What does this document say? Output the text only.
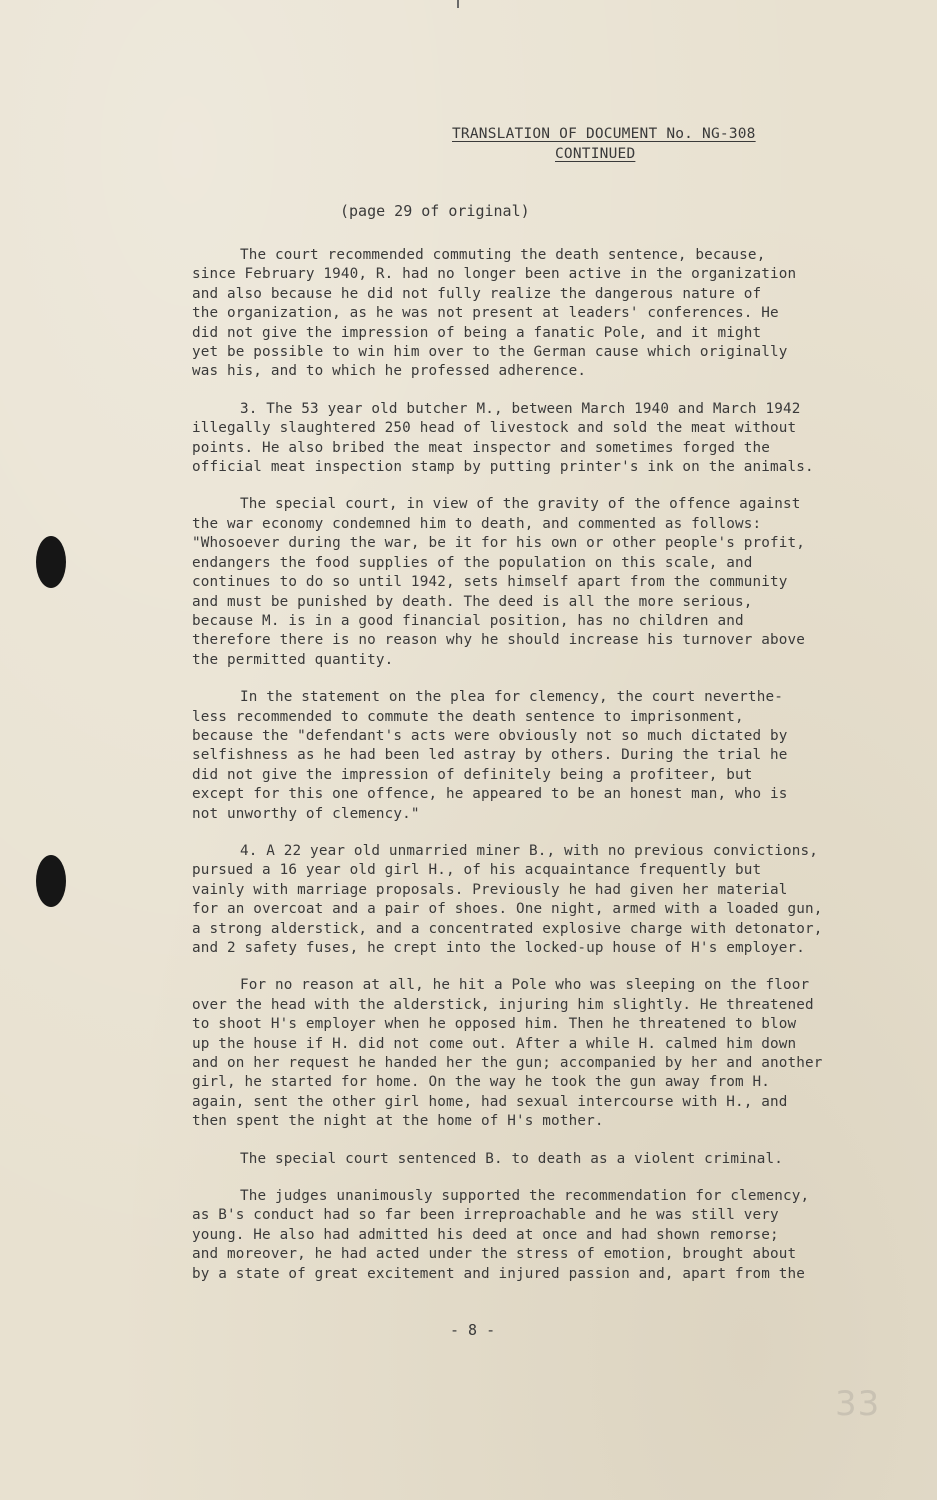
TRANSLATION OF DOCUMENT No. NG-308
CONTINUED
(page 29 of original)
The court recommended commuting the death sentence, because,
since February 1940, R. had no longer been active in the organization
and also because he did not fully realize the dangerous nature of
the organization, as he was not present at leaders' conferences. He
did not give the impression of being a fanatic Pole, and it might
yet be possible to win him over to the German cause which originally
was his, and to which he professed adherence.
3. The 53 year old butcher M., between March 1940 and March 1942
illegally slaughtered 250 head of livestock and sold the meat without
points. He also bribed the meat inspector and sometimes forged the
official meat inspection stamp by putting printer's ink on the animals.
The special court, in view of the gravity of the offence against
the war economy condemned him to death, and commented as follows:
"Whosoever during the war, be it for his own or other people's profit,
endangers the food supplies of the population on this scale, and
continues to do so until 1942, sets himself apart from the community
and must be punished by death. The deed is all the more serious,
because M. is in a good financial position, has no children and
therefore there is no reason why he should increase his turnover above
the permitted quantity.
In the statement on the plea for clemency, the court neverthe-
less recommended to commute the death sentence to imprisonment,
because the "defendant's acts were obviously not so much dictated by
selfishness as he had been led astray by others. During the trial he
did not give the impression of definitely being a profiteer, but
except for this one offence, he appeared to be an honest man, who is
not unworthy of clemency."
4. A 22 year old unmarried miner B., with no previous convictions,
pursued a 16 year old girl H., of his acquaintance frequently but
vainly with marriage proposals. Previously he had given her material
for an overcoat and a pair of shoes. One night, armed with a loaded gun,
a strong alderstick, and a concentrated explosive charge with detonator,
and 2 safety fuses, he crept into the locked-up house of H's employer.
For no reason at all, he hit a Pole who was sleeping on the floor
over the head with the alderstick, injuring him slightly. He threatened
to shoot H's employer when he opposed him. Then he threatened to blow
up the house if H. did not come out. After a while H. calmed him down
and on her request he handed her the gun; accompanied by her and another
girl, he started for home. On the way he took the gun away from H.
again, sent the other girl home, had sexual intercourse with H., and
then spent the night at the home of H's mother.
The special court sentenced B. to death as a violent criminal.
The judges unanimously supported the recommendation for clemency,
as B's conduct had so far been irreproachable and he was still very
young. He also had admitted his deed at once and had shown remorse;
and moreover, he had acted under the stress of emotion, brought about
by a state of great excitement and injured passion and, apart from the
- 8 -
33
